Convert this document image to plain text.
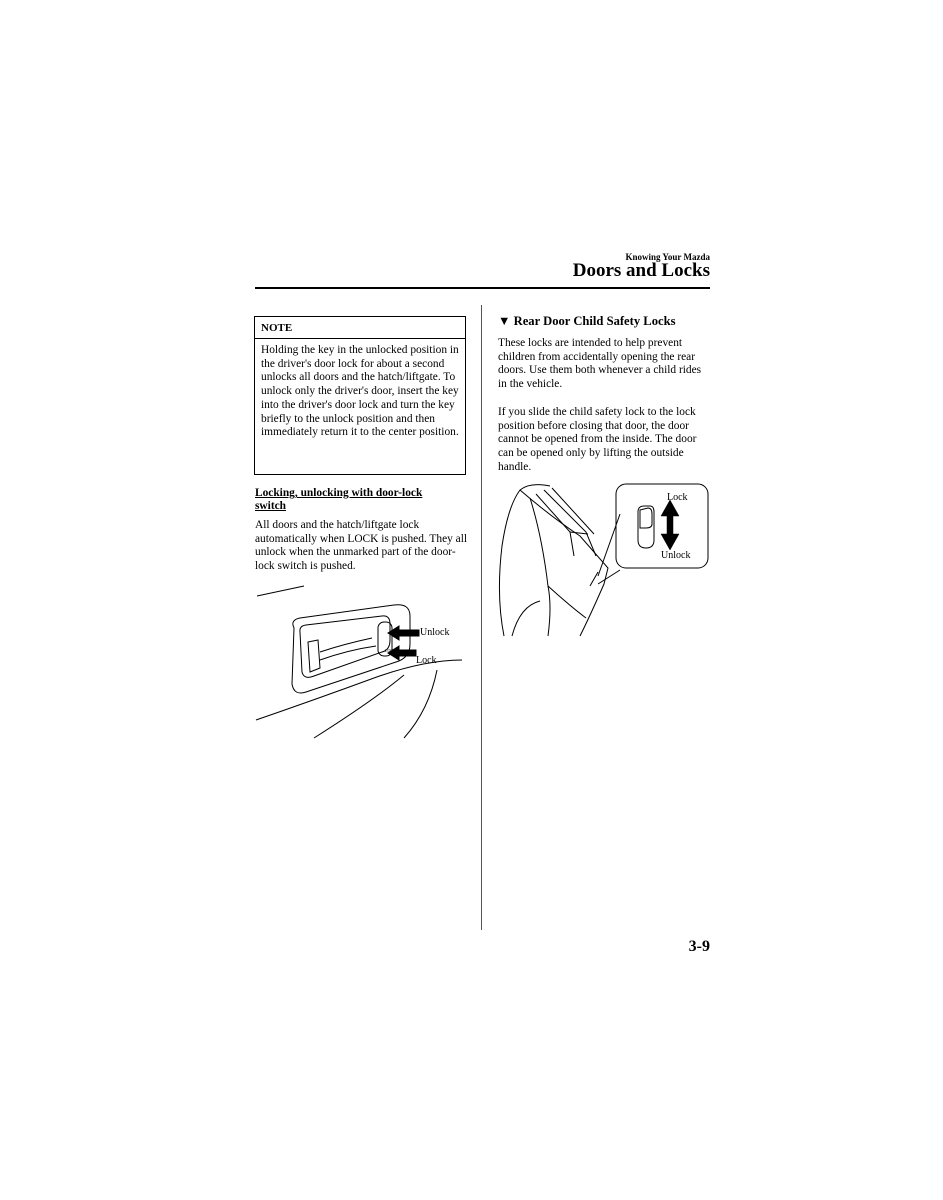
Knowing Your Mazda
Doors and Locks
NOTE
Holding the key in the unlocked position in the driver's door lock for about a second unlocks all doors and the hatch/liftgate. To unlock only the driver's door, insert the key into the driver's door lock and turn the key briefly to the unlock position and then immediately return it to the center position.
Locking, unlocking with door-lock switch
All doors and the hatch/liftgate lock automatically when LOCK is pushed. They all unlock when the unmarked part of the door-lock switch is pushed.
LOCK
Unlock
Lock
▼ Rear Door Child Safety Locks
These locks are intended to help prevent children from accidentally opening the rear doors. Use them both whenever a child rides in the vehicle.
If you slide the child safety lock to the lock position before closing that door, the door cannot be opened from the inside. The door can be opened only by lifting the outside handle.
Lock
Unlock
3-9
